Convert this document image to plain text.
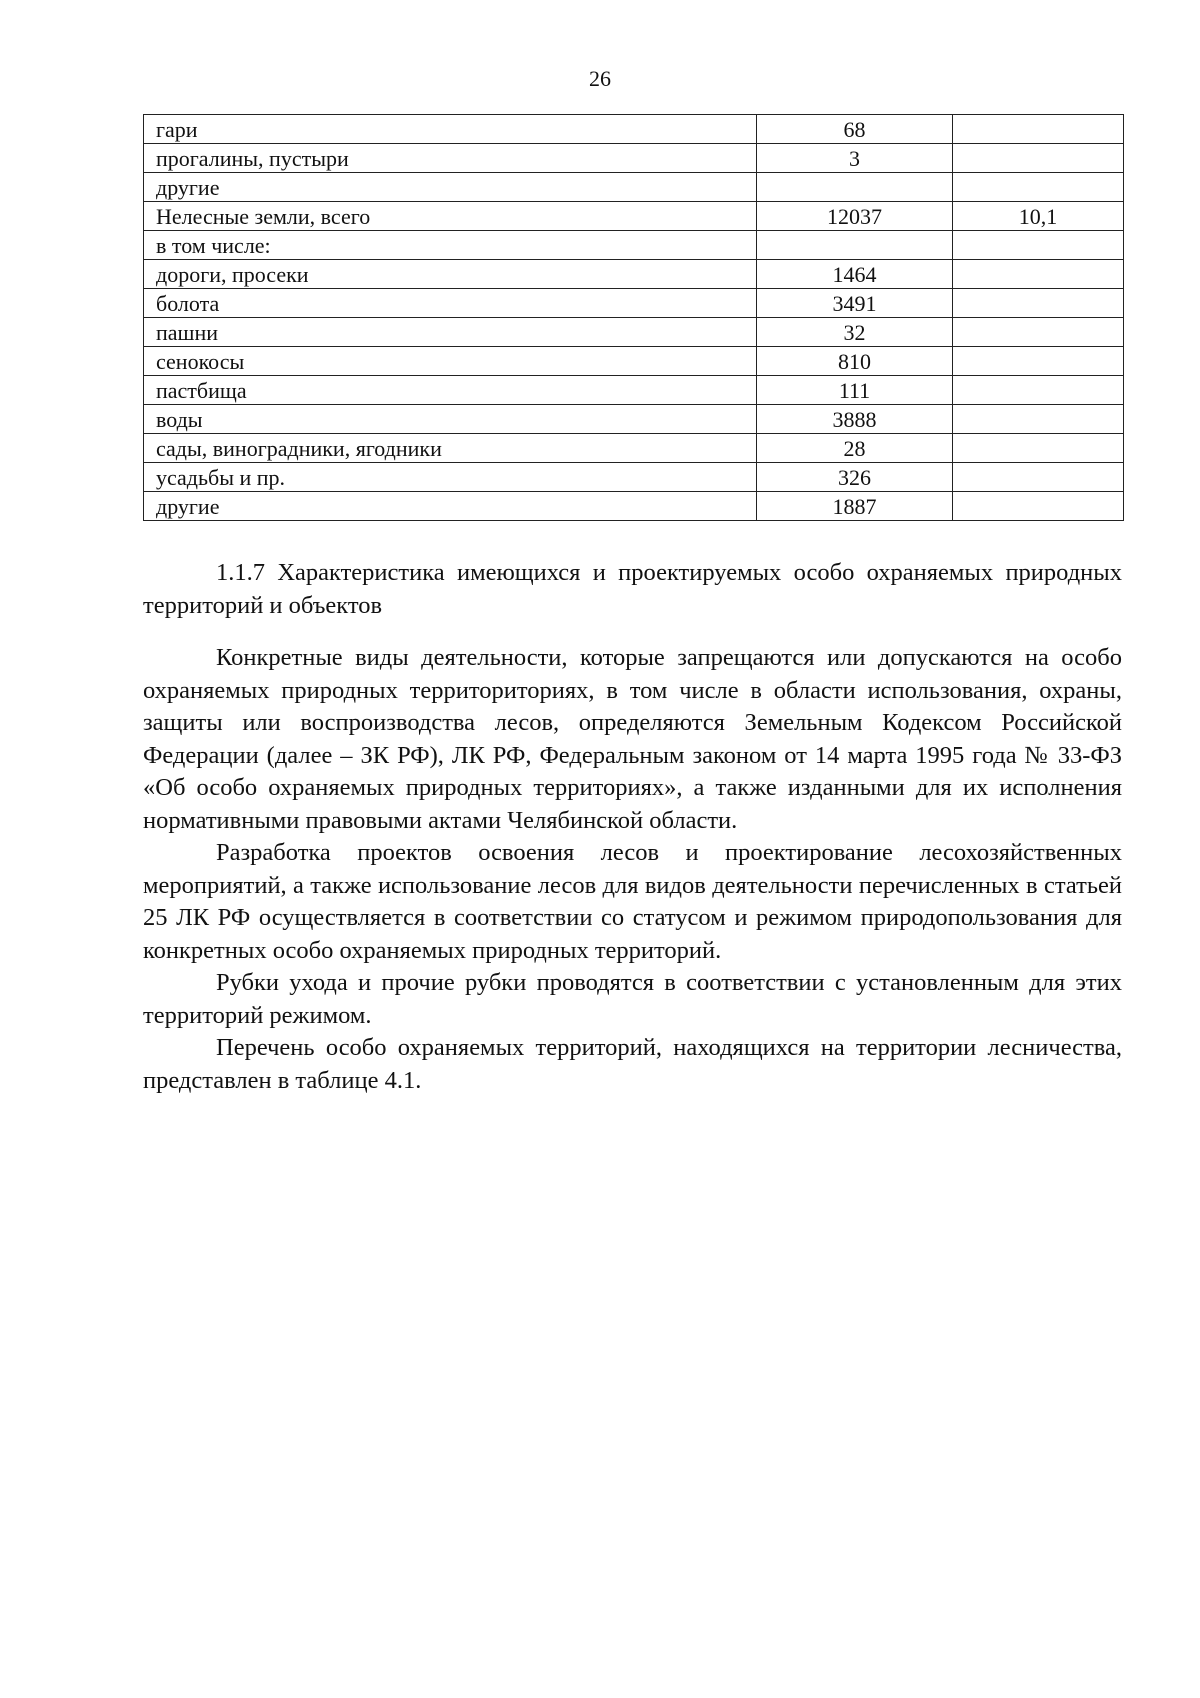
26
гари	68	
прогалины, пустыри	3	
другие		
Нелесные земли, всего	12037	10,1
в том числе:		
дороги, просеки	1464	
болота	3491	
пашни	32	
сенокосы	810	
пастбища	111	
воды	3888	
сады, виноградники, ягодники	28	
усадьбы и пр.	326	
другие	1887	

1.1.7 Характеристика имеющихся и проектируемых особо охраняемых природных территорий и объектов

Конкретные виды деятельности, которые запрещаются или допускаются на особо охраняемых природных территориториях, в том числе в области использования, охраны, защиты или воспроизводства лесов, определяются Земельным Кодексом Российской Федерации (далее – ЗК РФ), ЛК РФ, Федеральным законом от 14 марта 1995 года № 33-ФЗ «Об особо охраняемых природных территориях», а также изданными для их исполнения нормативными правовыми актами Челябинской области.

Разработка проектов освоения лесов и проектирование лесохозяйственных мероприятий, а также использование лесов для видов деятельности перечисленных в статьей 25 ЛК РФ осуществляется в соответствии со статусом и режимом природопользования для конкретных особо охраняемых природных территорий.

Рубки ухода и прочие рубки проводятся в соответствии с установленным для этих территорий режимом.

Перечень особо охраняемых территорий, находящихся на территории лесничества, представлен в таблице 4.1.
